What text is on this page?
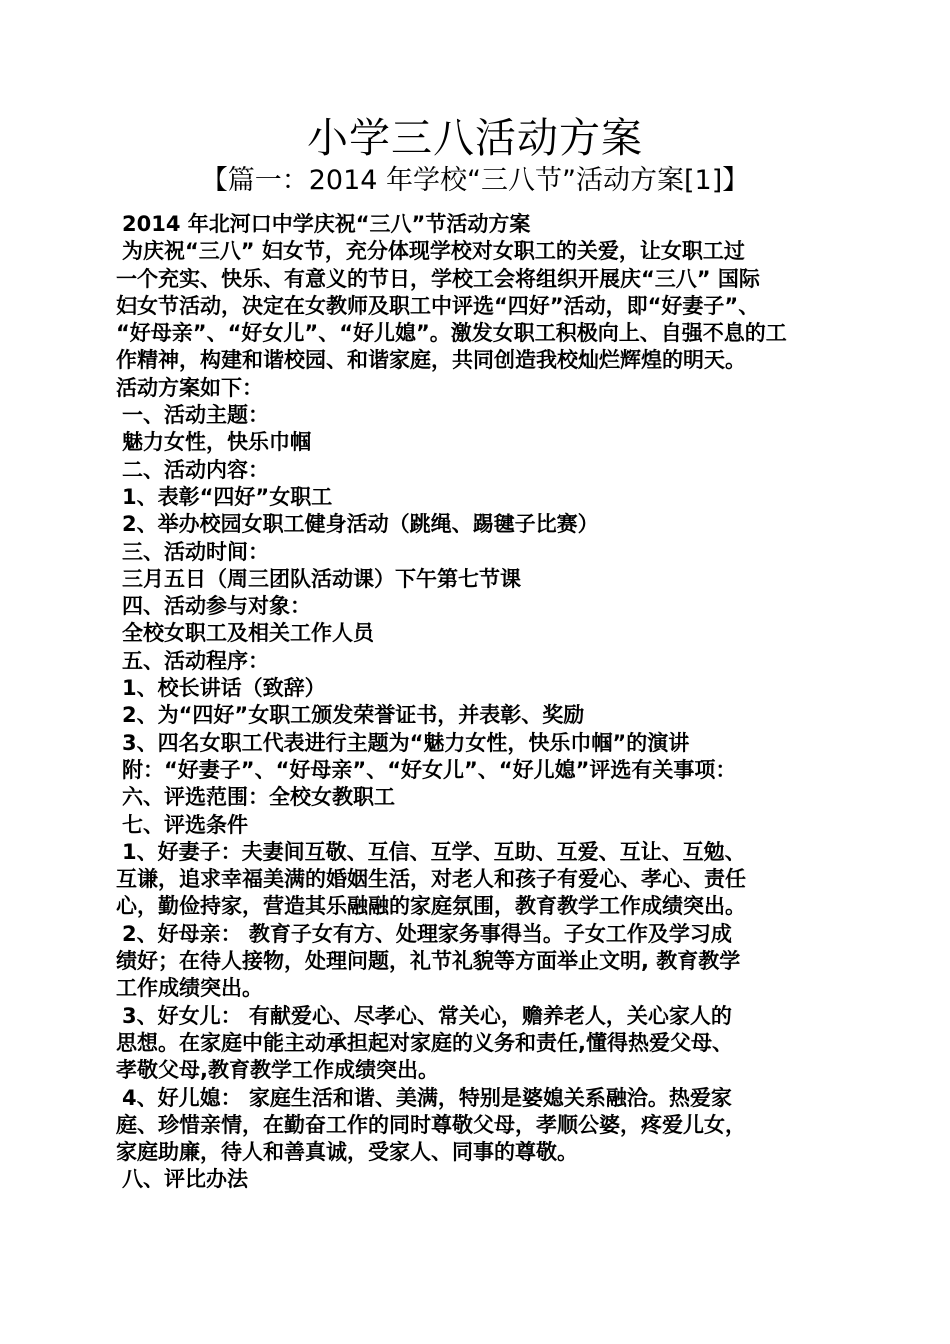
小学三八活动方案
【篇一：2014 年学校“三八节”活动方案[1]】
2014 年北河口中学庆祝“三八”节活动方案
为庆祝“三八” 妇女节，充分体现学校对女职工的关爱，让女职工过
一个充实、快乐、有意义的节日，学校工会将组织开展庆“三八” 国际
妇女节活动，决定在女教师及职工中评选“四好”活动，即“好妻子”、
“好母亲”、“好女儿”、“好儿媳”。激发女职工积极向上、自强不息的工
作精神，构建和谐校园、和谐家庭，共同创造我校灿烂辉煌的明天。
活动方案如下：
一、活动主题：
魅力女性，快乐巾帼
二、活动内容：
1、表彰“四好”女职工
2、举办校园女职工健身活动（跳绳、踢毽子比赛）
三、活动时间：
三月五日（周三团队活动课）下午第七节课
四、活动参与对象：
全校女职工及相关工作人员
五、活动程序：
1、校长讲话（致辞）
2、为“四好”女职工颁发荣誉证书，并表彰、奖励
3、四名女职工代表进行主题为“魅力女性，快乐巾帼”的演讲
附：“好妻子”、“好母亲”、“好女儿”、“好儿媳”评选有关事项：
六、评选范围：全校女教职工
七、评选条件
1、好妻子：夫妻间互敬、互信、互学、互助、互爱、互让、互勉、
互谦，追求幸福美满的婚姻生活，对老人和孩子有爱心、孝心、责任
心，勤俭持家，营造其乐融融的家庭氛围，教育教学工作成绩突出。
2、好母亲： 教育子女有方、处理家务事得当。子女工作及学习成
绩好；在待人接物，处理问题，礼节礼貌等方面举止文明, 教育教学
工作成绩突出。
3、好女儿： 有献爱心、尽孝心、常关心，赡养老人，关心家人的
思想。在家庭中能主动承担起对家庭的义务和责任,懂得热爱父母、
孝敬父母,教育教学工作成绩突出。
4、好儿媳： 家庭生活和谐、美满，特别是婆媳关系融洽。热爱家
庭、珍惜亲情，在勤奋工作的同时尊敬父母，孝顺公婆，疼爱儿女，
家庭助廉，待人和善真诚，受家人、同事的尊敬。
八、评比办法
